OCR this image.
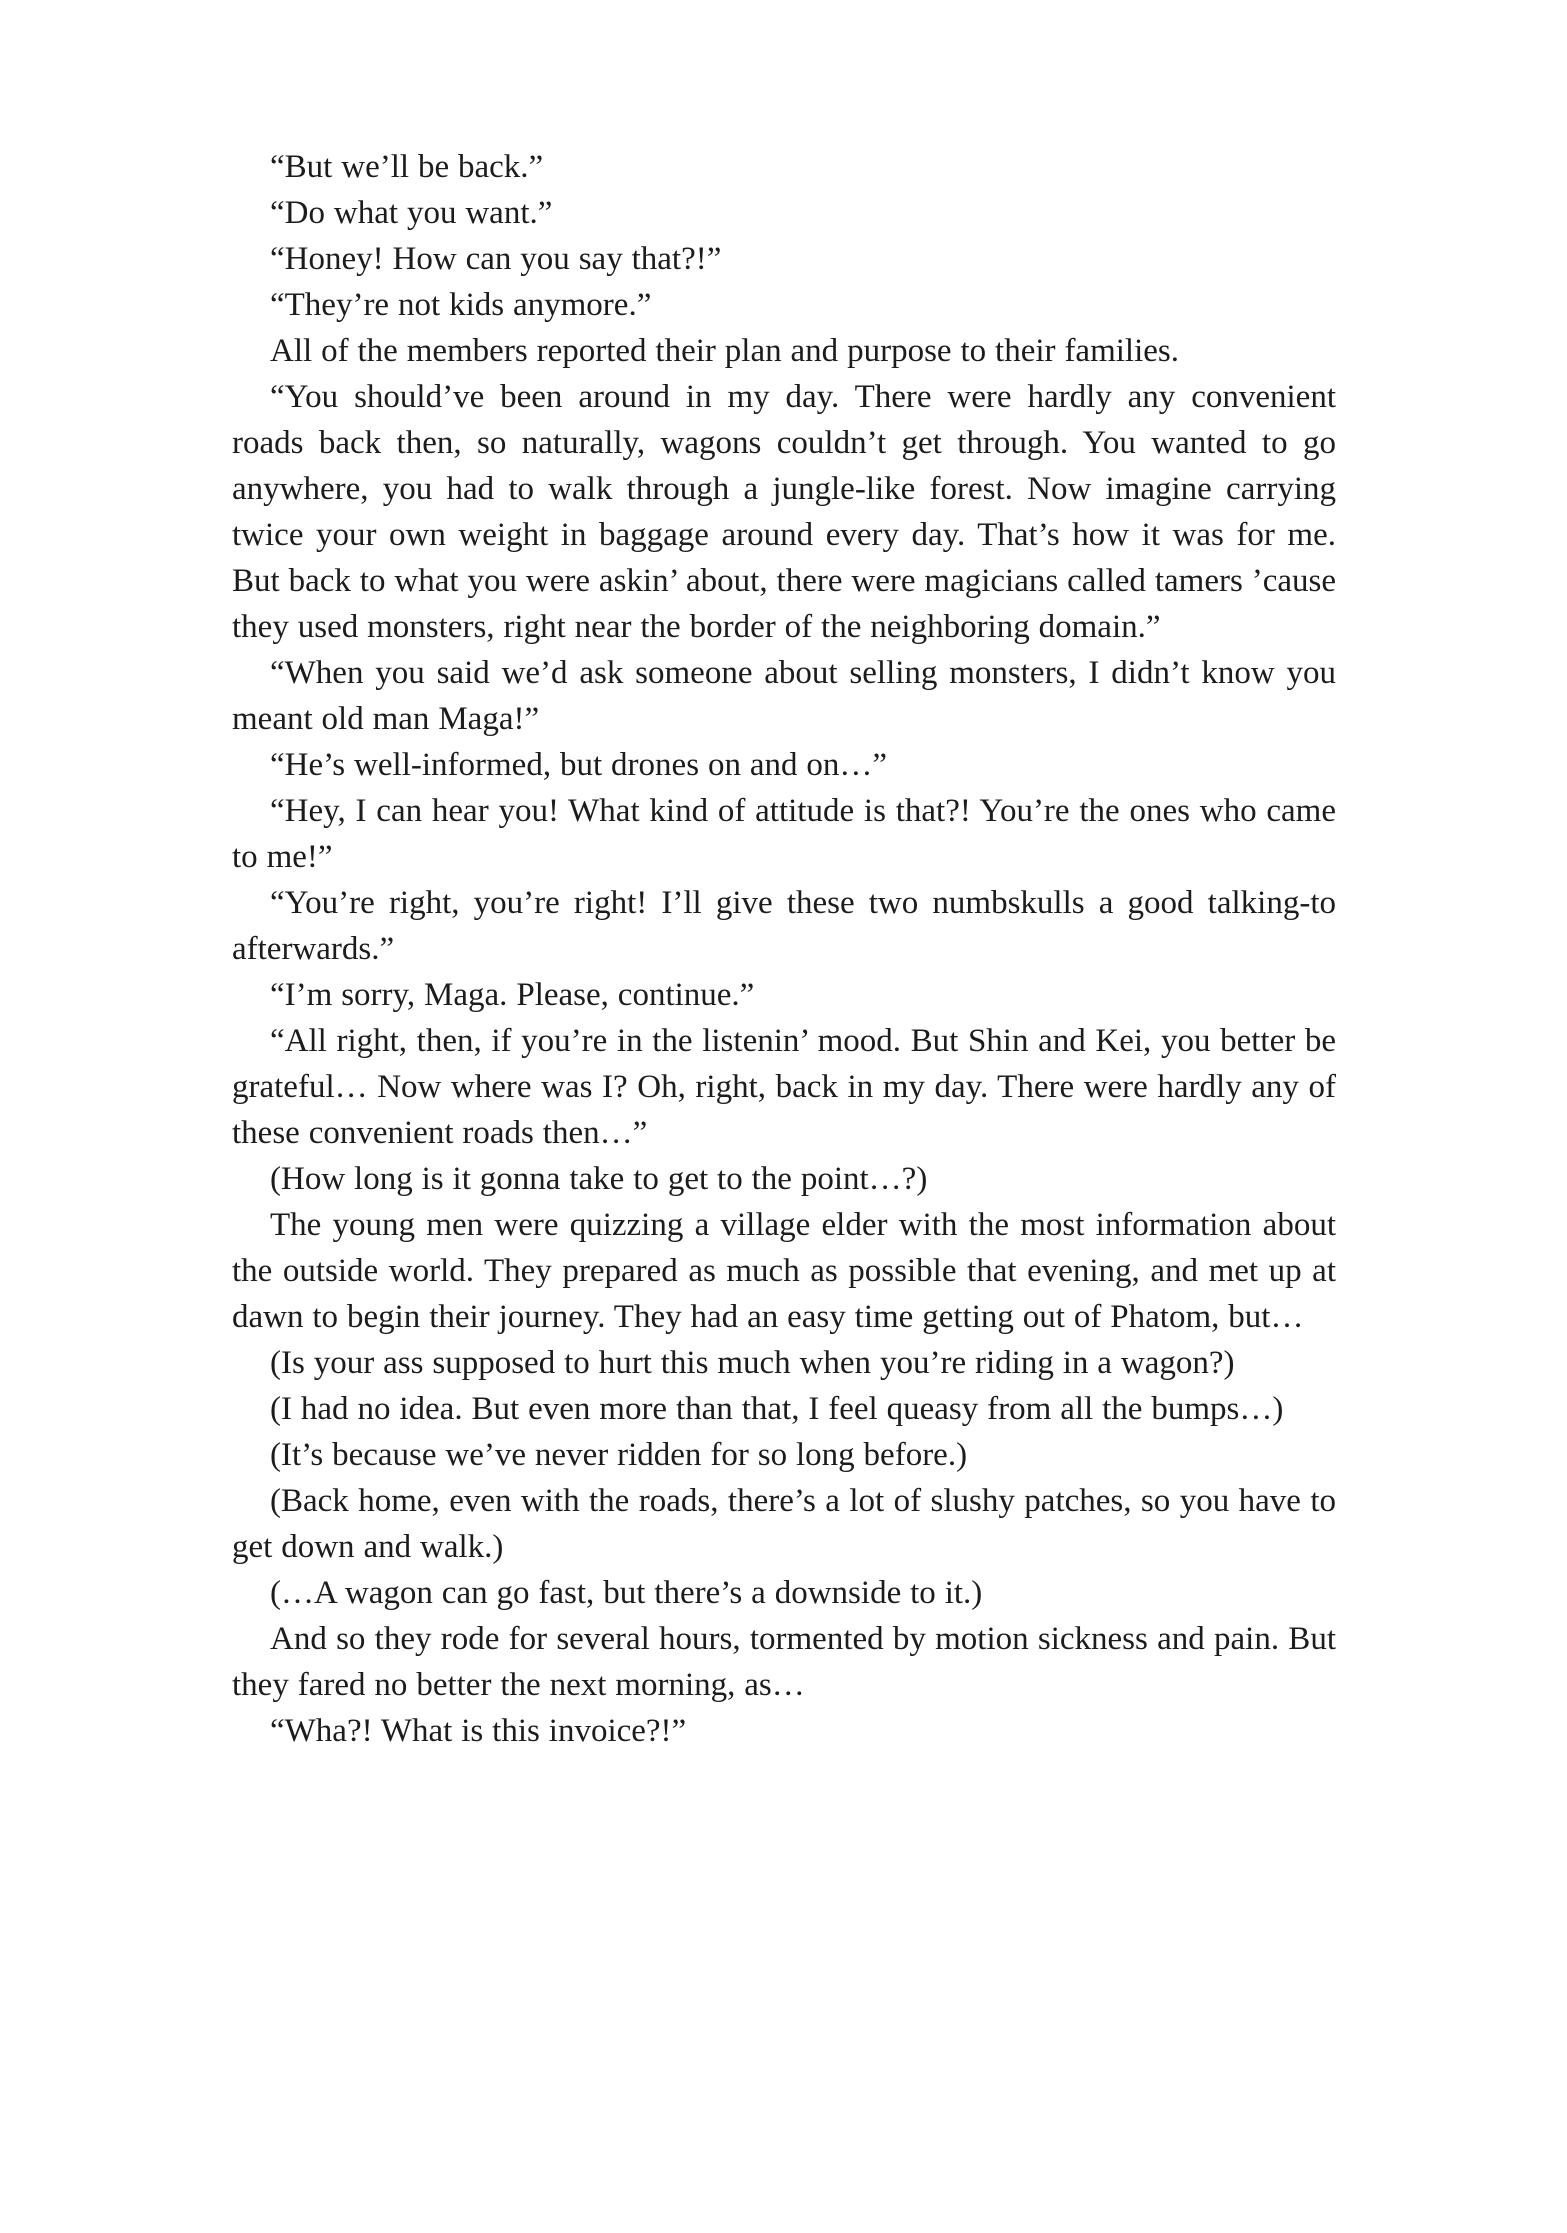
“But we’ll be back.”

“Do what you want.”

“Honey! How can you say that?!”

“They’re not kids anymore.”

All of the members reported their plan and purpose to their families.

“You should’ve been around in my day. There were hardly any convenient roads back then, so naturally, wagons couldn’t get through. You wanted to go anywhere, you had to walk through a jungle-like forest. Now imagine carrying twice your own weight in baggage around every day. That’s how it was for me. But back to what you were askin’ about, there were magicians called tamers ’cause they used monsters, right near the border of the neighboring domain.”

“When you said we’d ask someone about selling monsters, I didn’t know you meant old man Maga!”

“He’s well-informed, but drones on and on…”

“Hey, I can hear you! What kind of attitude is that?! You’re the ones who came to me!”

“You’re right, you’re right! I’ll give these two numbskulls a good talking-to afterwards.”

“I’m sorry, Maga. Please, continue.”

“All right, then, if you’re in the listenin’ mood. But Shin and Kei, you better be grateful… Now where was I? Oh, right, back in my day. There were hardly any of these convenient roads then…”

(How long is it gonna take to get to the point…?)

The young men were quizzing a village elder with the most information about the outside world. They prepared as much as possible that evening, and met up at dawn to begin their journey. They had an easy time getting out of Phatom, but…

(Is your ass supposed to hurt this much when you’re riding in a wagon?)

(I had no idea. But even more than that, I feel queasy from all the bumps…)

(It’s because we’ve never ridden for so long before.)

(Back home, even with the roads, there’s a lot of slushy patches, so you have to get down and walk.)

(…A wagon can go fast, but there’s a downside to it.)

And so they rode for several hours, tormented by motion sickness and pain. But they fared no better the next morning, as…

“Wha?! What is this invoice?!”
